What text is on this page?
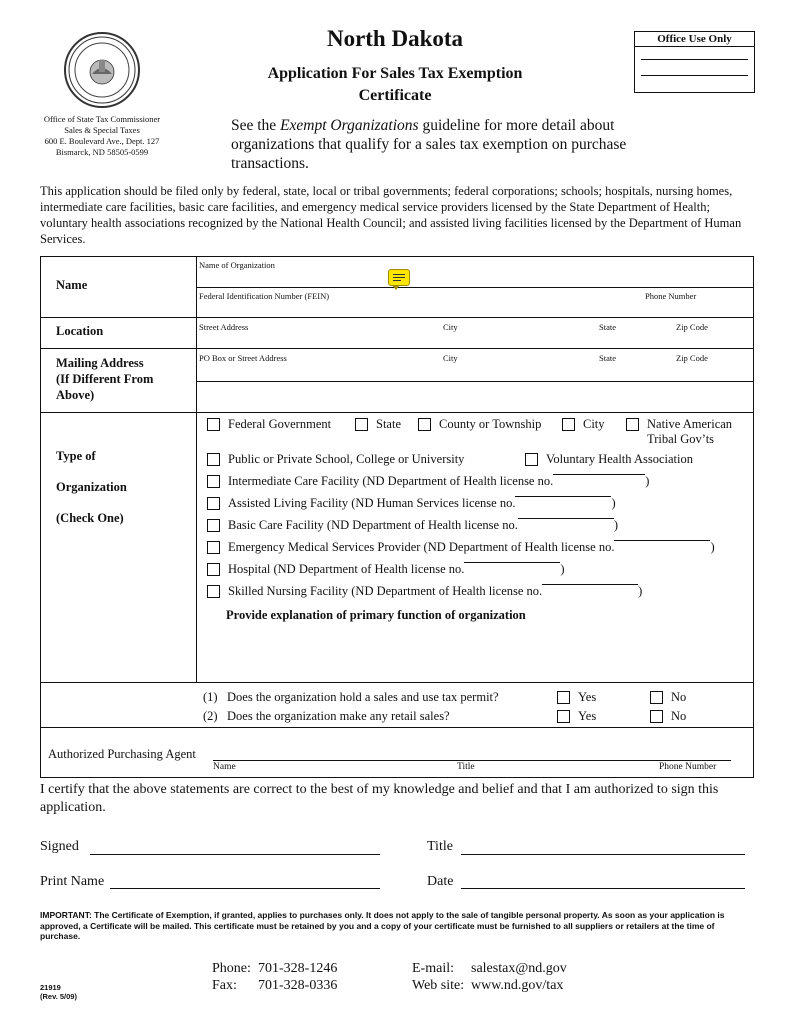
Office of State Tax Commissioner
Sales & Special Taxes
600 E. Boulevard Ave., Dept. 127
Bismarck, ND 58505-0599
North Dakota
Application For Sales Tax Exemption
Certificate
Office Use Only
See the Exempt Organizations guideline for more detail about organizations that qualify for a sales tax exemption on purchase transactions.
This application should be filed only by federal, state, local or tribal governments; federal corporations; schools; hospitals, nursing homes, intermediate care facilities, basic care facilities, and emergency medical service providers licensed by the State Department of Health; voluntary health associations recognized by the National Health Council; and assisted living facilities licensed by the Department of Human Services.
Name
Name of Organization
Federal Identification Number (FEIN)	Phone Number
Location	Street Address	City	State	Zip Code
Mailing Address
(If Different From
Above)
PO Box or Street Address	City	State	Zip Code
Type of
Organization
(Check One)
Federal Government	State	County or Township	City	Native American
Tribal Gov’ts
Public or Private School, College or University	Voluntary Health Association
Intermediate Care Facility (ND Department of Health license no.	)
Assisted Living Facility (ND Human Services license no.	)
Basic Care Facility (ND Department of Health license no.	)
Emergency Medical Services Provider (ND Department of Health license no.	)
Hospital (ND Department of Health license no.	)
Skilled Nursing Facility (ND Department of Health license no.	)
Provide explanation of primary function of organization
(1) Does the organization hold a sales and use tax permit?	Yes	No
(2) Does the organization make any retail sales?	Yes	No
Authorized Purchasing Agent
Name	Title	Phone Number
I certify that the above statements are correct to the best of my knowledge and belief and that I am authorized to sign this application.
Signed	Title
Print Name	Date
IMPORTANT: The Certificate of Exemption, if granted, applies to purchases only. It does not apply to the sale of tangible personal property. As soon as your application is approved, a Certificate will be mailed. This certificate must be retained by you and a copy of your certificate must be furnished to all suppliers or retailers at the time of purchase.
Phone: 701-328-1246
Fax: 701-328-0336
E-mail: salestax@nd.gov
Web site: www.nd.gov/tax
21919
(Rev. 5/09)
